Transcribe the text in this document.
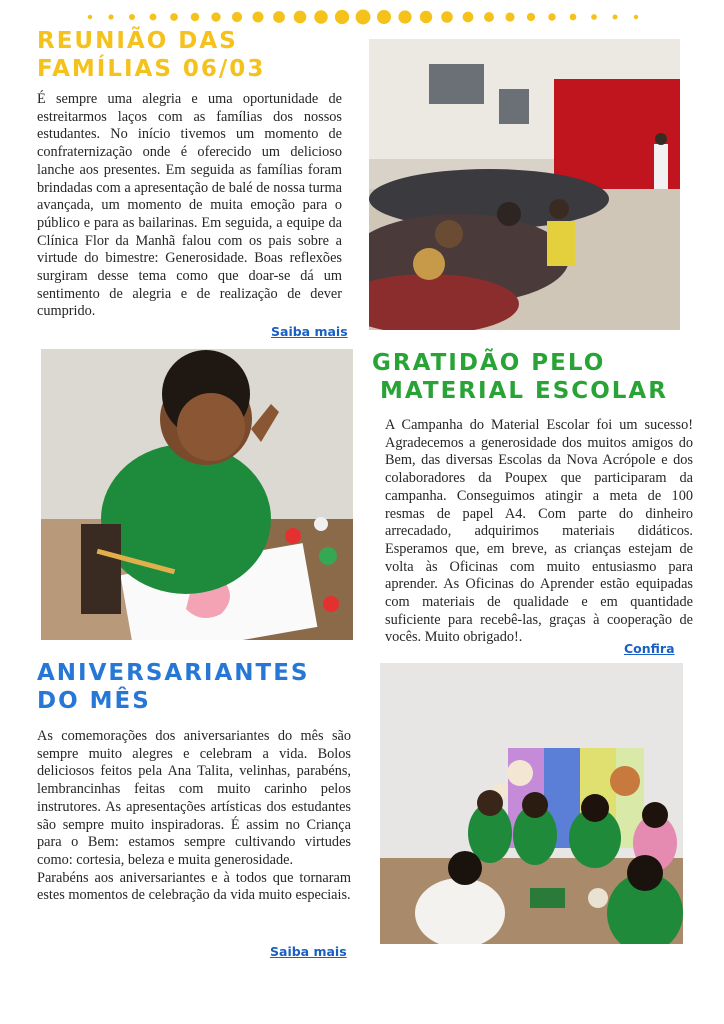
REUNIÃO DAS
FAMÍLIAS 06/03

É sempre uma alegria e uma oportunidade de estreitarmos laços com as famílias dos nossos estudantes. No início tivemos um momento de confraternização onde é oferecido um delicioso lanche aos presentes. Em seguida as famílias foram brindadas com a apresentação de balé de nossa turma avançada, um momento de muita emoção para o público e para as bailarinas. Em seguida, a equipe da Clínica Flor da Manhã falou com os pais sobre a virtude do bimestre: Generosidade. Boas reflexões surgiram desse tema como que doar-se dá um sentimento de alegria e de realização de dever cumprido.

Saiba mais
GRATIDÃO PELO
MATERIAL ESCOLAR

A Campanha do Material Escolar foi um sucesso! Agradecemos a generosidade dos muitos amigos do Bem, das diversas Escolas da Nova Acrópole e dos colaboradores da Poupex que participaram da campanha. Conseguimos atingir a meta de 100 resmas de papel A4. Com parte do dinheiro arrecadado, adquirimos materiais didáticos. Esperamos que, em breve, as crianças estejam de volta às Oficinas com muito entusiasmo para aprender. As Oficinas do Aprender estão equipadas com materiais de qualidade e em quantidade suficiente para recebê-las, graças à cooperação de vocês. Muito obrigado!.

Confira
ANIVERSARIANTES
DO MÊS

As comemorações dos aniversariantes do mês são sempre muito alegres e celebram a vida. Bolos deliciosos feitos pela Ana Talita, velinhas, parabéns, lembrancinhas feitas com muito carinho pelos instrutores. As apresentações artísticas dos estudantes são sempre muito inspiradoras. É assim no Criança para o Bem: estamos sempre cultivando virtudes como: cortesia, beleza e muita generosidade.

Parabéns aos aniversariantes e à todos que tornaram estes momentos de celebração da vida muito especiais.

Saiba mais
